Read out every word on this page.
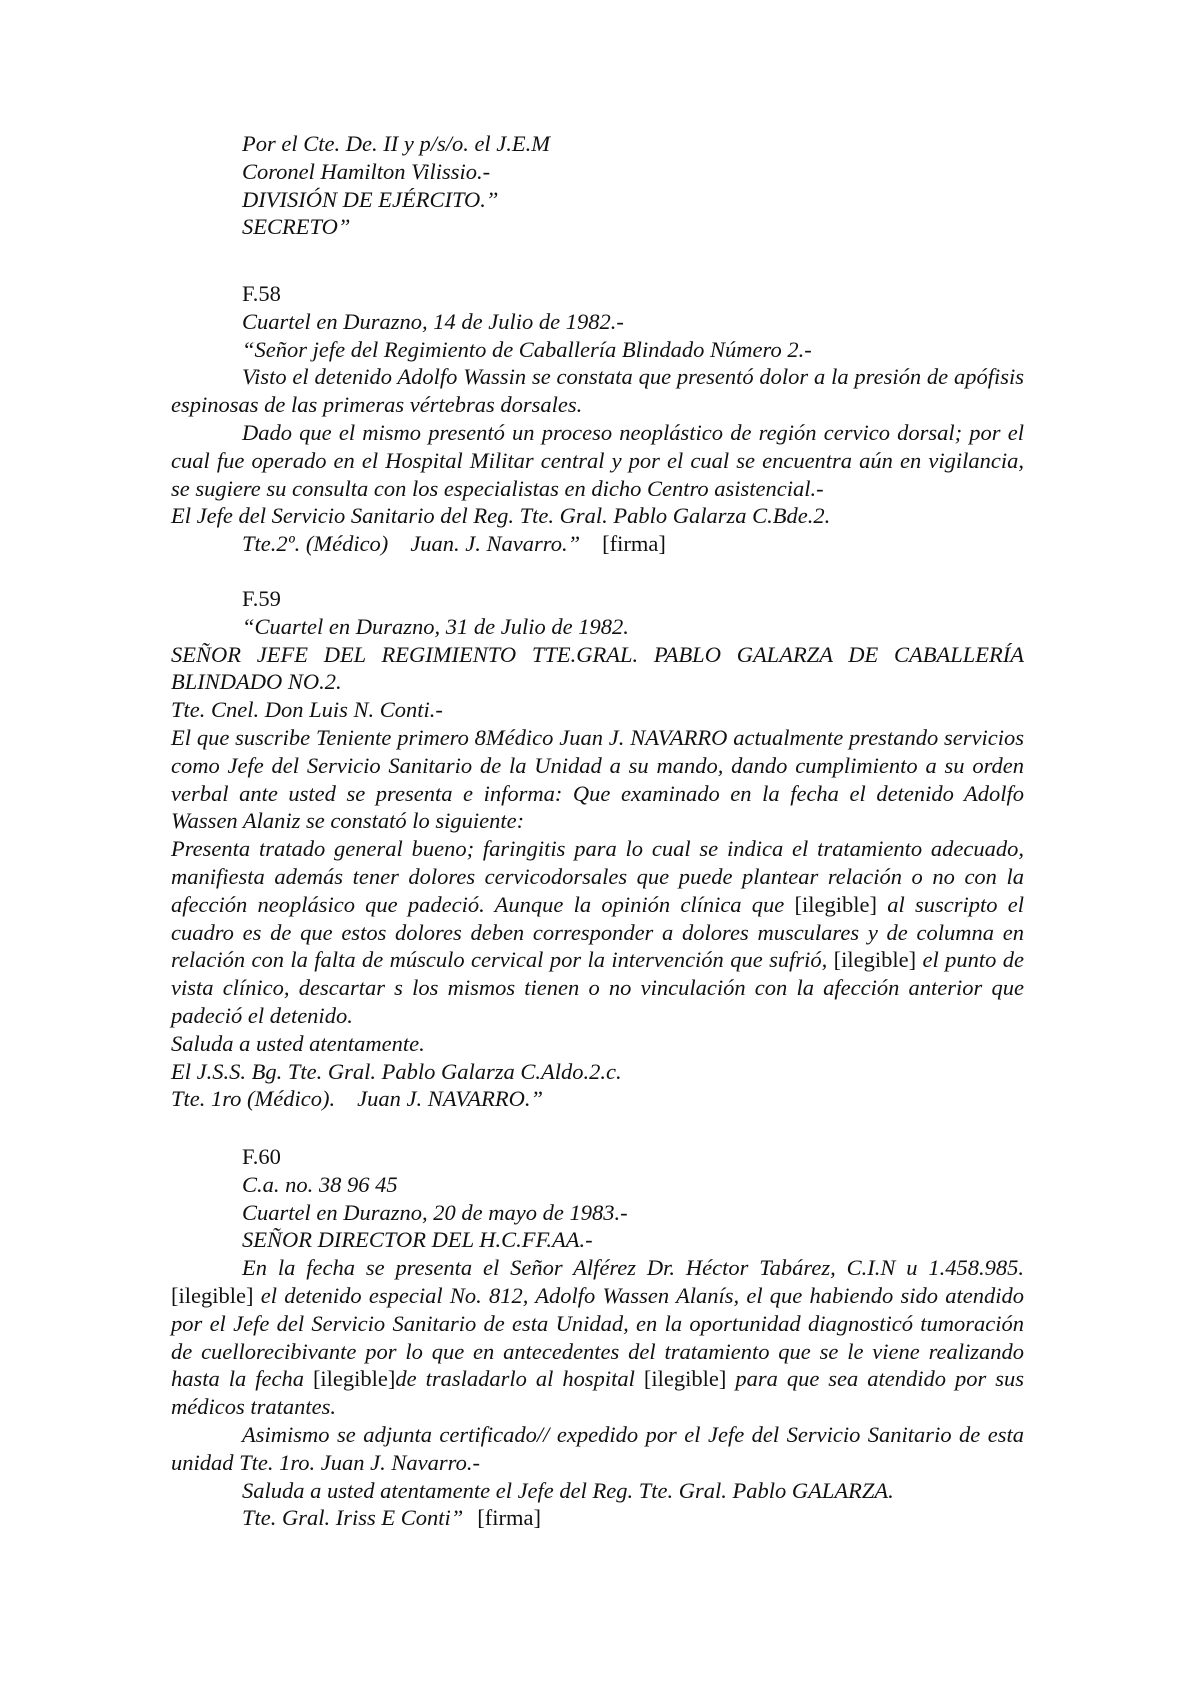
Por el Cte. De. II y p/s/o. el J.E.M

Coronel Hamilton Vilissio.-

DIVISIÓN DE EJÉRCITO.”

SECRETO”

F.58

Cuartel en Durazno, 14 de Julio de 1982.-

“Señor jefe del Regimiento de Caballería Blindado Número 2.-

Visto el detenido Adolfo Wassin se constata que presentó dolor a la presión de apófisis espinosas de las primeras vértebras dorsales.

Dado que el mismo presentó un proceso neoplástico de región cervico dorsal; por el cual fue operado en el Hospital Militar central y por el cual se encuentra aún en vigilancia, se sugiere su consulta con los especialistas en dicho Centro asistencial.-

El Jefe del Servicio Sanitario del Reg. Tte. Gral. Pablo Galarza C.Bde.2.

Tte.2º. (Médico) Juan. J. Navarro.” [firma]

F.59

“Cuartel en Durazno, 31 de Julio de 1982.

SEÑOR JEFE DEL REGIMIENTO TTE.GRAL. PABLO GALARZA DE CABALLERÍA BLINDADO NO.2.

Tte. Cnel. Don Luis N. Conti.-

El que suscribe Teniente primero 8Médico Juan J. NAVARRO actualmente prestando servicios como Jefe del Servicio Sanitario de la Unidad a su mando, dando cumplimiento a su orden verbal ante usted se presenta e informa: Que examinado en la fecha el detenido Adolfo Wassen Alaniz se constató lo siguiente:

Presenta tratado general bueno; faringitis para lo cual se indica el tratamiento adecuado, manifiesta además tener dolores cervicodorsales que puede plantear relación o no con la afección neoplásico que padeció. Aunque la opinión clínica que [ilegible] al suscripto el cuadro es de que estos dolores deben corresponder a dolores musculares y de columna en relación con la falta de músculo cervical por la intervención que sufrió, [ilegible] el punto de vista clínico, descartar s los mismos tienen o no vinculación con la afección anterior que padeció el detenido.

Saluda a usted atentamente.

El J.S.S. Bg. Tte. Gral. Pablo Galarza C.Aldo.2.c.

Tte. 1ro (Médico). Juan J. NAVARRO.”

F.60

C.a. no. 38 96 45

Cuartel en Durazno, 20 de mayo de 1983.-

SEÑOR DIRECTOR DEL H.C.FF.AA.-

En la fecha se presenta el Señor Alférez Dr. Héctor Tabárez, C.I.N u 1.458.985. [ilegible] el detenido especial No. 812, Adolfo Wassen Alanís, el que habiendo sido atendido por el Jefe del Servicio Sanitario de esta Unidad, en la oportunidad diagnosticó tumoración de cuellorecibivante por lo que en antecedentes del tratamiento que se le viene realizando hasta la fecha [ilegible]de trasladarlo al hospital [ilegible] para que sea atendido por sus médicos tratantes.

Asimismo se adjunta certificado// expedido por el Jefe del Servicio Sanitario de esta unidad Tte. 1ro. Juan J. Navarro.-

Saluda a usted atentamente el Jefe del Reg. Tte. Gral. Pablo GALARZA.

Tte. Gral. Iriss E Conti” [firma]
